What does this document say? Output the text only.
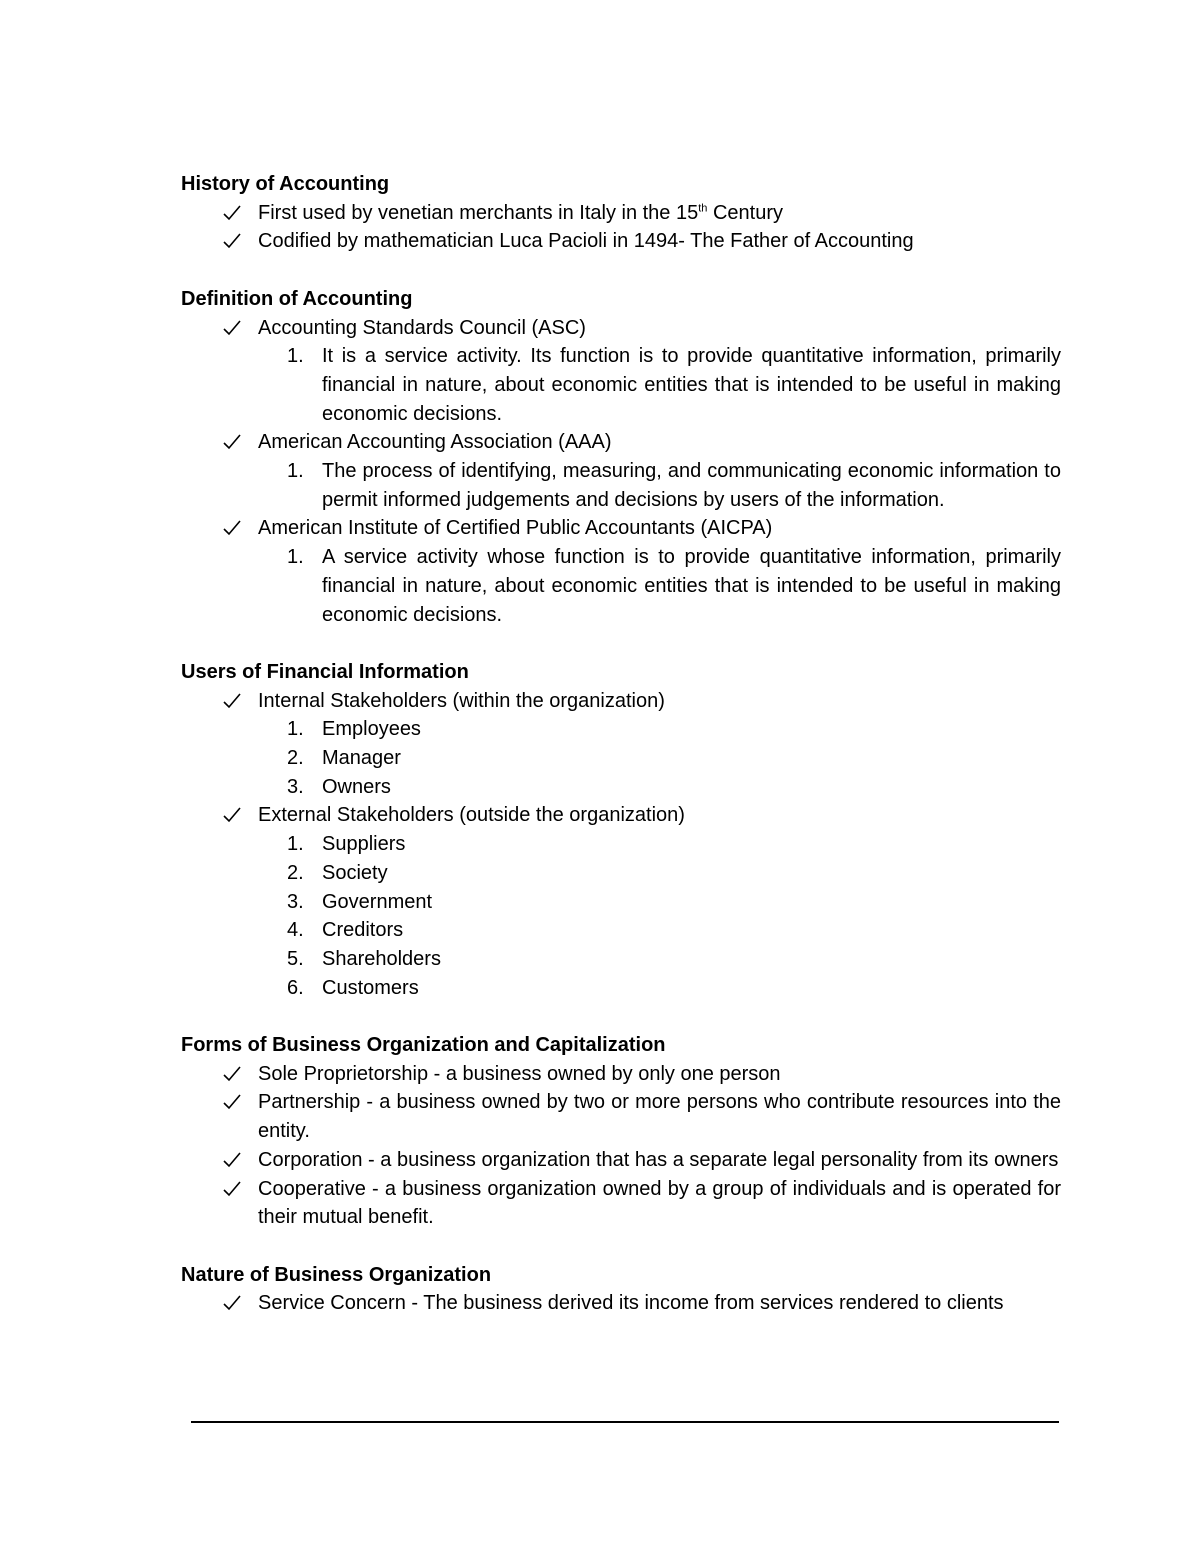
History of Accounting
First used by venetian merchants in Italy in the 15th Century
Codified by mathematician Luca Pacioli in 1494- The Father of Accounting
Definition of Accounting
Accounting Standards Council (ASC)
1. It is a service activity. Its function is to provide quantitative information, primarily financial in nature, about economic entities that is intended to be useful in making economic decisions.
American Accounting Association (AAA)
1. The process of identifying, measuring, and communicating economic information to permit informed judgements and decisions by users of the information.
American Institute of Certified Public Accountants (AICPA)
1. A service activity whose function is to provide quantitative information, primarily financial in nature, about economic entities that is intended to be useful in making economic decisions.
Users of Financial Information
Internal Stakeholders (within the organization)
1. Employees
2. Manager
3. Owners
External Stakeholders (outside the organization)
1. Suppliers
2. Society
3. Government
4. Creditors
5. Shareholders
6. Customers
Forms of Business Organization and Capitalization
Sole Proprietorship - a business owned by only one person
Partnership - a business owned by two or more persons who contribute resources into the entity.
Corporation - a business organization that has a separate legal personality from its owners
Cooperative - a business organization owned by a group of individuals and is operated for their mutual benefit.
Nature of Business Organization
Service Concern - The business derived its income from services rendered to clients
